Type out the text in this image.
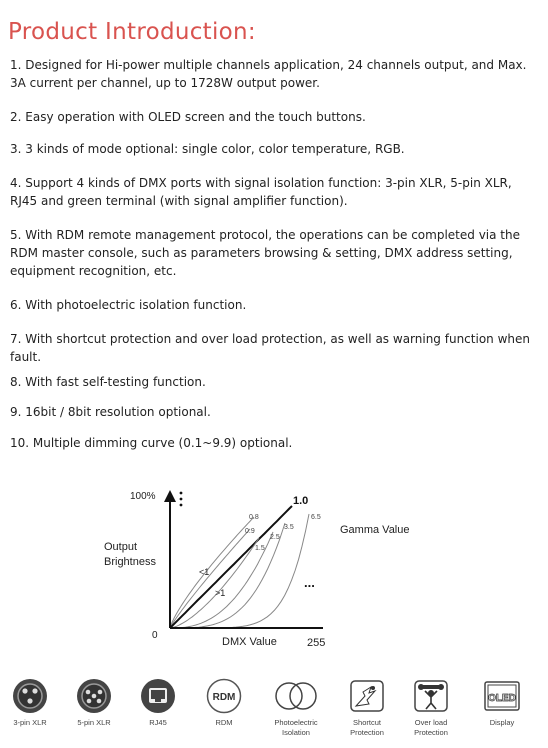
Product Introduction:
1. Designed for Hi-power multiple channels application, 24 channels output, and Max. 3A current per channel, up to 1728W output power.
2. Easy operation with OLED screen and the touch buttons.
3. 3 kinds of mode optional: single color, color temperature, RGB.
4. Support 4 kinds of DMX ports with signal isolation function: 3-pin XLR, 5-pin XLR, RJ45 and green terminal (with signal amplifier function).
5. With RDM remote management protocol, the operations can be completed via the RDM master console, such as parameters browsing & setting, DMX address setting, equipment recognition, etc.
6. With photoelectric isolation function.
7. With shortcut protection and over load protection, as well as warning function when fault.
8. With fast self-testing function.
9. 16bit / 8bit resolution optional.
10. Multiple dimming curve (0.1~9.9) optional.
100%
Output
Brightness
0
DMX Value	255
Gamma Value
1.0
0.8
0.9
1.5
2.5
3.5
6.5
<1
>1
...
3-pin XLR	5-pin XLR	RJ45
RDM
RDM	Photoelectric
Isolation
Shortcut
Protection
Over load
Protection
OLED
Display
